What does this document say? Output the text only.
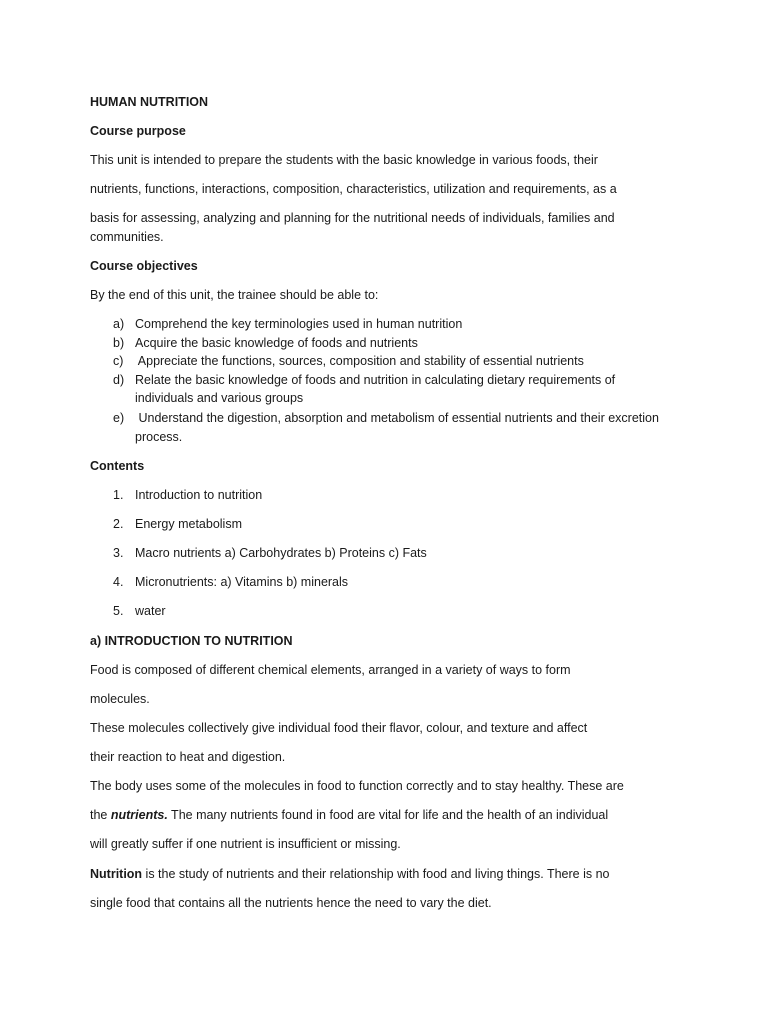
HUMAN NUTRITION
Course purpose
This unit is intended to prepare the students with the basic knowledge in various foods, their
nutrients, functions, interactions, composition, characteristics, utilization and requirements, as a
basis for assessing, analyzing and planning for the nutritional needs of individuals, families and
communities.
Course objectives
By the end of this unit, the trainee should be able to:
a) Comprehend the key terminologies used in human nutrition
b) Acquire the basic knowledge of foods and nutrients
c) Appreciate the functions, sources, composition and stability of essential nutrients
d) Relate the basic knowledge of foods and nutrition in calculating dietary requirements of
individuals and various groups
e) Understand the digestion, absorption and metabolism of essential nutrients and their excretion
process.
Contents
1. Introduction to nutrition
2. Energy metabolism
3. Macro nutrients a) Carbohydrates b) Proteins c) Fats
4. Micronutrients: a) Vitamins b) minerals
5. water
a) INTRODUCTION TO NUTRITION
Food is composed of different chemical elements, arranged in a variety of ways to form
molecules.
These molecules collectively give individual food their flavor, colour, and texture and affect
their reaction to heat and digestion.
The body uses some of the molecules in food to function correctly and to stay healthy. These are
the nutrients. The many nutrients found in food are vital for life and the health of an individual
will greatly suffer if one nutrient is insufficient or missing.
Nutrition is the study of nutrients and their relationship with food and living things. There is no
single food that contains all the nutrients hence the need to vary the diet.
